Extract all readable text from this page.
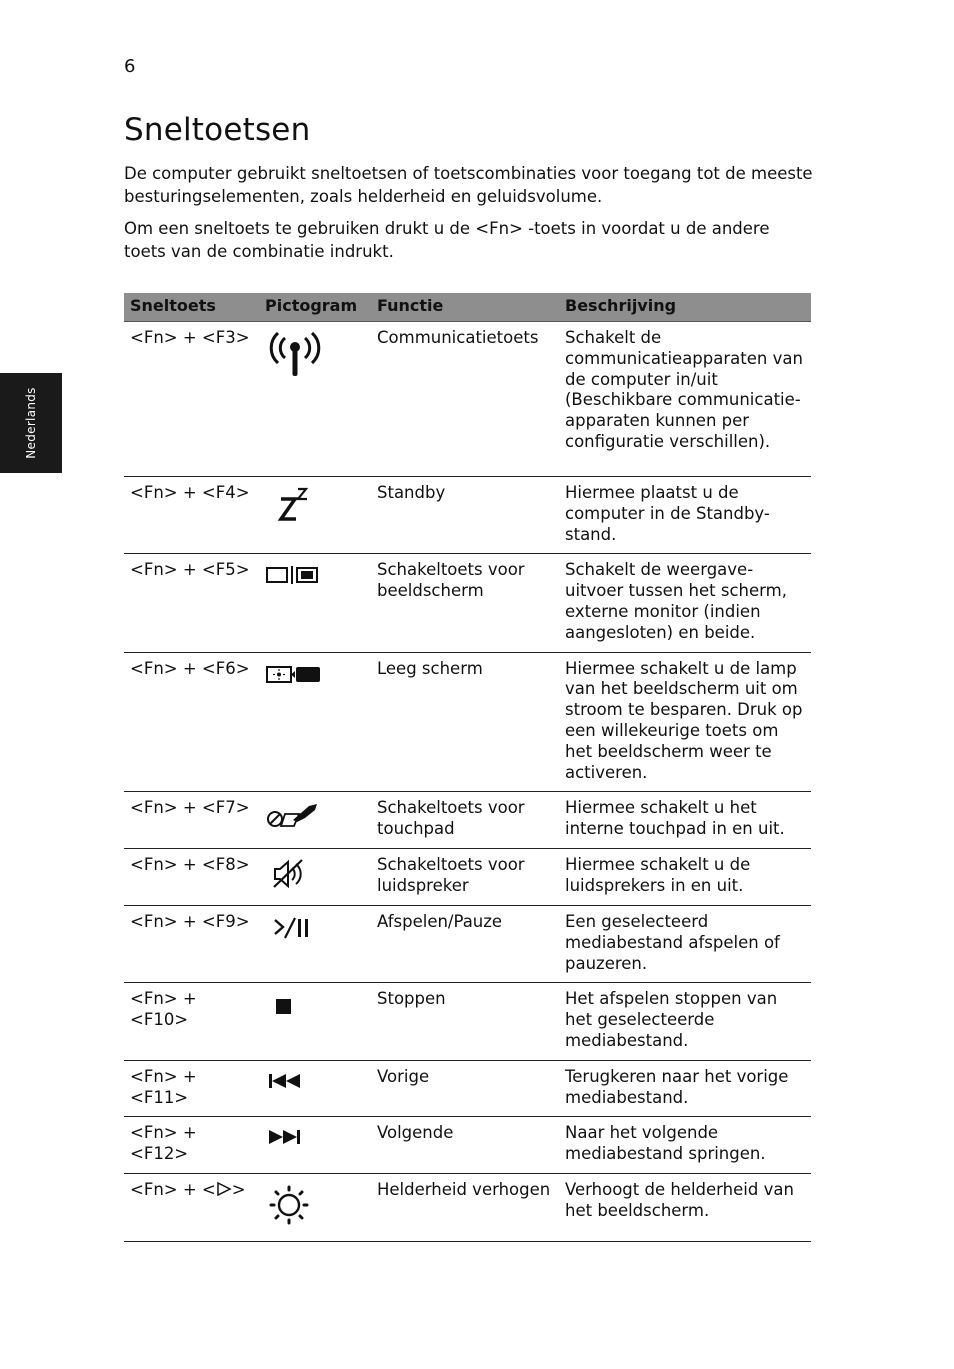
6
Nederlands
Sneltoetsen

De computer gebruikt sneltoetsen of toetscombinaties voor toegang tot de meeste besturingselementen, zoals helderheid en geluidsvolume.

Om een sneltoets te gebruiken drukt u de <Fn> -toets in voordat u de andere toets van de combinatie indrukt.

Sneltoets	Pictogram	Functie	Beschrijving
<Fn> + <F3>		Communicatietoets	Schakelt de communicatieapparaten van de computer in/uit (Beschikbare communicatie-apparaten kunnen per configuratie verschillen).
<Fn> + <F4>		Standby	Hiermee plaatst u de computer in de Standby-stand.
<Fn> + <F5>		Schakeltoets voor beeldscherm	Schakelt de weergave-uitvoer tussen het scherm, externe monitor (indien aangesloten) en beide.
<Fn> + <F6>		Leeg scherm	Hiermee schakelt u de lamp van het beeldscherm uit om stroom te besparen. Druk op een willekeurige toets om het beeldscherm weer te activeren.
<Fn> + <F7>		Schakeltoets voor touchpad	Hiermee schakelt u het interne touchpad in en uit.
<Fn> + <F8>		Schakeltoets voor luidspreker	Hiermee schakelt u de luidsprekers in en uit.
<Fn> + <F9>		Afspelen/Pauze	Een geselecteerd mediabestand afspelen of pauzeren.
<Fn> + <F10>		Stoppen	Het afspelen stoppen van het geselecteerde mediabestand.
<Fn> + <F11>		Vorige	Terugkeren naar het vorige mediabestand.
<Fn> + <F12>		Volgende	Naar het volgende mediabestand springen.
<Fn> + < >		Helderheid verhogen	Verhoogt de helderheid van het beeldscherm.
